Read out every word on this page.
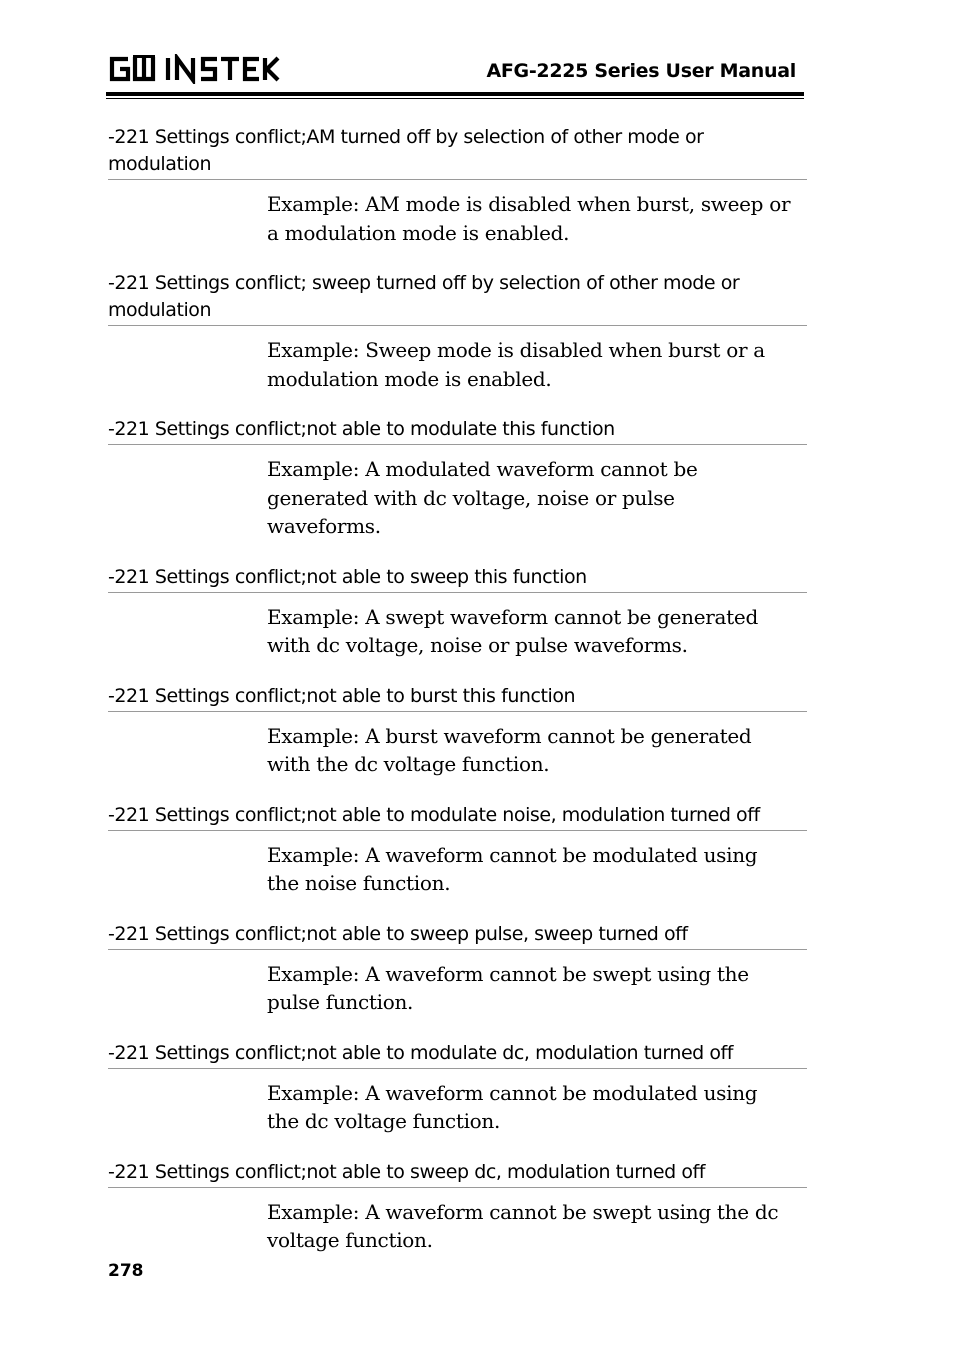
AFG-2225 Series User Manual

-221 Settings conflict;AM turned off by selection of other mode or modulation

Example: AM mode is disabled when burst, sweep or a modulation mode is enabled.

-221 Settings conflict; sweep turned off by selection of other mode or modulation

Example: Sweep mode is disabled when burst or a modulation mode is enabled.

-221 Settings conflict;not able to modulate this function

Example: A modulated waveform cannot be generated with dc voltage, noise or pulse waveforms.

-221 Settings conflict;not able to sweep this function

Example: A swept waveform cannot be generated with dc voltage, noise or pulse waveforms.

-221 Settings conflict;not able to burst this function

Example: A burst waveform cannot be generated with the dc voltage function.

-221 Settings conflict;not able to modulate noise, modulation turned off

Example: A waveform cannot be modulated using the noise function.

-221 Settings conflict;not able to sweep pulse, sweep turned off

Example: A waveform cannot be swept using the pulse function.

-221 Settings conflict;not able to modulate dc, modulation turned off

Example: A waveform cannot be modulated using the dc voltage function.

-221 Settings conflict;not able to sweep dc, modulation turned off

Example: A waveform cannot be swept using the dc voltage function.

278
